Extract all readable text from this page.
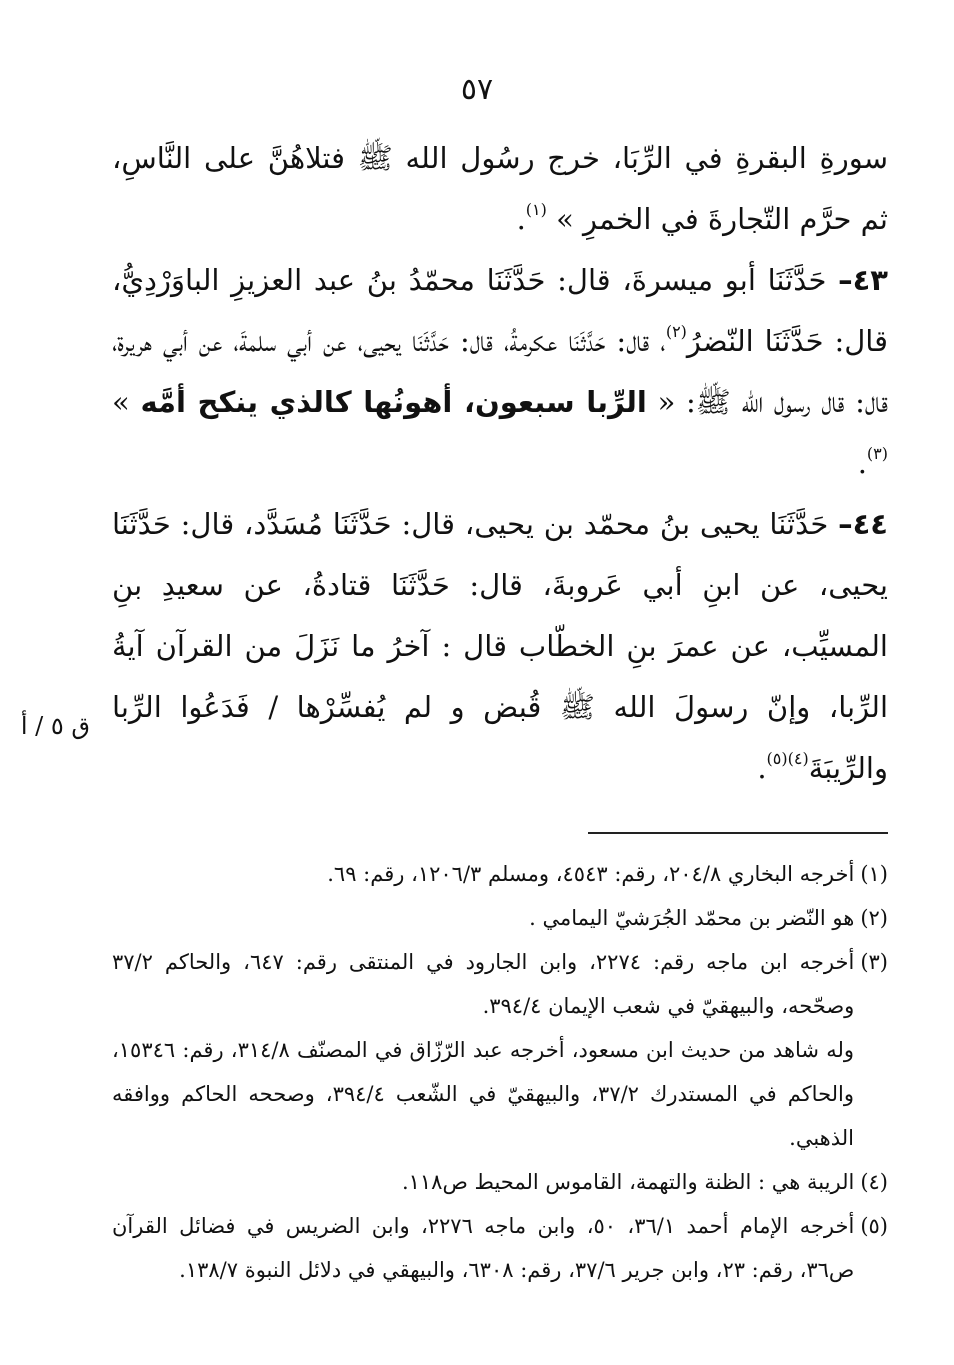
٥٧
ق ٥ / أ

سورةِ البقرةِ في الرِّبَا، خرج رسُول الله ﷺ فتلاهُنَّ على النَّاسِ، ثم حرَّم التّجارةَ في الخمرِ » $^{(١)}$.

٤٣– حَدَّثَنَا أبو ميسرةَ، قال: حَدَّثَنَا محمّدُ بنُ عبد العزيزِ الباوَرْدِيُّ، قال: حَدَّثَنَا النّضرُ$^{(٢)}$، قال: حَدَّثَنَا عكرمةُ، قال: حَدَّثَنَا يحيى، عن أبي سلمةَ، عن أبي هريرة، قال: قال رسول الله ﷺ: « الرِّبا سبعون، أهونُها كالذي ينكح أمَّه » $^{(٣)}$.

٤٤– حَدَّثَنَا يحيى بنُ محمّد بن يحيى، قال: حَدَّثَنَا مُسَدَّد، قال: حَدَّثَنَا يحيى، عن ابنِ أبي عَروبةَ، قال: حَدَّثَنَا قتادةُ، عن سعيدِ بنِ المسيِّب، عن عمرَ بنِ الخطّاب قال : آخرُ ما نَزَلَ من القرآن آيةُ الرِّبا، وإنّ رسولَ الله ﷺ قُبض و لم يُفسِّرْها / فَدَعُوا الرِّبا والرِّيبَةَ$^{(٤)(٥)}$.

(١)
أخرجه البخاري ٢٠٤/٨، رقم: ٤٥٤٣، ومسلم ١٢٠٦/٣، رقم: ٦٩.
(٢)
هو النّضر بن محمّد الجُرَشيّ اليمامي .
(٣)
أخرجه ابن ماجه رقم: ٢٢٧٤، وابن الجارود في المنتقى رقم: ٦٤٧، والحاكم ٣٧/٢ وصحّحه، والبيهقيّ في شعب الإيمان ٣٩٤/٤.
وله شاهد من حديث ابن مسعود، أخرجه عبد الرّزّاق في المصنّف ٣١٤/٨، رقم: ١٥٣٤٦، والحاكم في المستدرك ٣٧/٢، والبيهقيّ في الشّعب ٣٩٤/٤، وصححه الحاكم ووافقه الذهبي.
(٤)
الريبة هي : الظنة والتهمة، القاموس المحيط ص١١٨.
(٥)
أخرجه الإمام أحمد ٣٦/١، ٥٠، وابن ماجه ٢٢٧٦، وابن الضريس في فضائل القرآن ص٣٦، رقم: ٢٣، وابن جرير ٣٧/٦، رقم: ٦٣٠٨، والبيهقي في دلائل النبوة ١٣٨/٧.
